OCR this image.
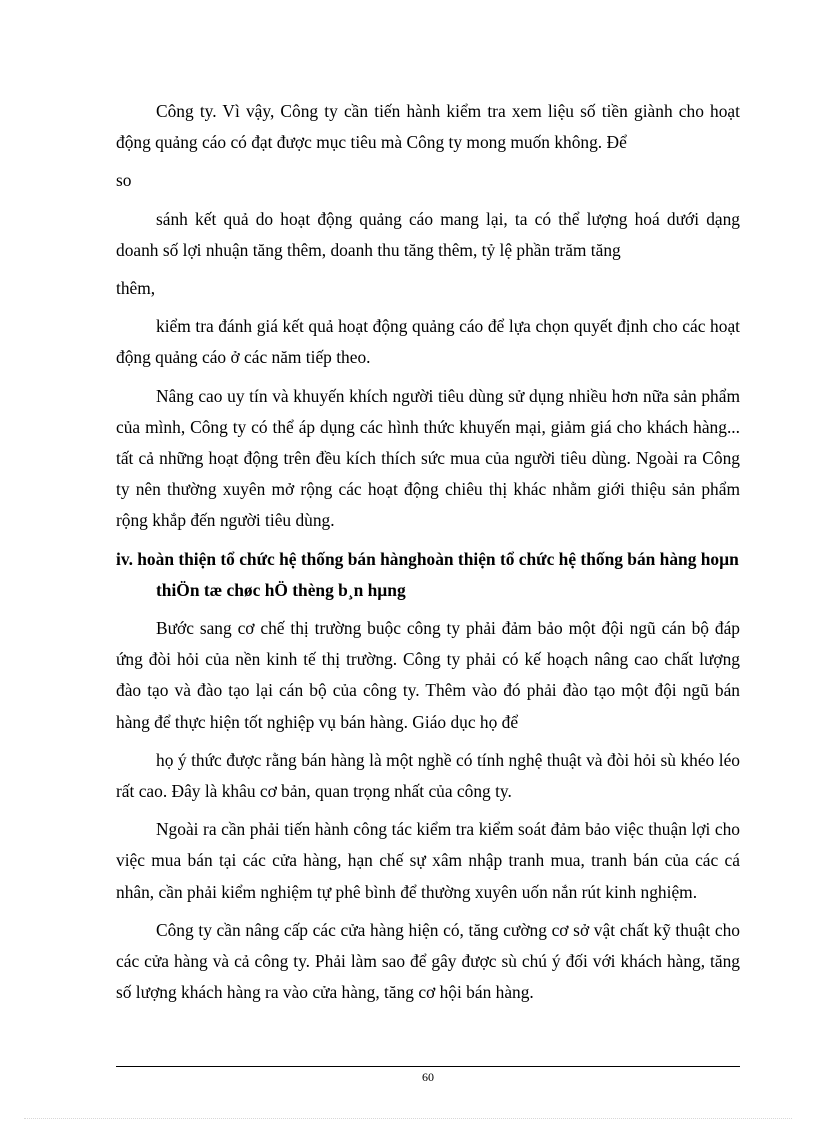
Công ty. Vì vậy, Công ty cần tiến hành kiểm tra xem liệu số tiền giành cho hoạt động quảng cáo có đạt được mục tiêu mà Công ty mong muốn không. Để

so

sánh kết quả do hoạt động quảng cáo mang lại, ta có thể lượng hoá dưới dạng doanh số lợi nhuận tăng thêm, doanh thu tăng thêm, tỷ lệ phần trăm tăng

thêm,

kiểm tra đánh giá kết quả hoạt động quảng cáo để lựa chọn quyết định cho các hoạt động quảng cáo ở các năm tiếp theo.

Nâng cao uy tín và khuyến khích người tiêu dùng sử dụng nhiều hơn nữa sản phẩm của mình, Công ty có thể áp dụng các hình thức khuyến mại, giảm giá cho khách hàng... tất cả những hoạt động trên đều kích thích sức mua của người tiêu dùng. Ngoài ra Công ty nên thường xuyên mở rộng các hoạt động chiêu thị khác nhằm giới thiệu sản phẩm rộng khắp đến người tiêu dùng.

iv. hoàn thiện tổ chức hệ thống bán hànghoàn thiện tổ chức hệ thống bán hàng hoµn thiÖn tæ chøc hÖ thèng b¸n hµng

Bước sang cơ chế thị trường buộc công ty phải đảm bảo một đội ngũ cán bộ đáp ứng đòi hỏi của nền kinh tế thị trường. Công ty phải có kế hoạch nâng cao chất lượng đào tạo và đào tạo lại cán bộ của công ty. Thêm vào đó phải đào tạo một đội ngũ bán hàng để thực hiện tốt nghiệp vụ bán hàng. Giáo dục họ để

họ ý thức được rằng bán hàng là một nghề có tính nghệ thuật và đòi hỏi sù khéo léo rất cao. Đây là khâu cơ bản, quan trọng nhất của công ty.

Ngoài ra cần phải tiến hành công tác kiểm tra kiểm soát đảm bảo việc thuận lợi cho việc mua bán tại các cửa hàng, hạn chế sự xâm nhập tranh mua, tranh bán của các cá nhân, cần phải kiểm nghiệm tự phê bình để thường xuyên uốn nắn rút kinh nghiệm.

Công ty cần nâng cấp các cửa hàng hiện có, tăng cường cơ sở vật chất kỹ thuật cho các cửa hàng và cả công ty. Phải làm sao để gây được sù chú ý đối với khách hàng, tăng số lượng khách hàng ra vào cửa hàng, tăng cơ hội bán hàng.

60
